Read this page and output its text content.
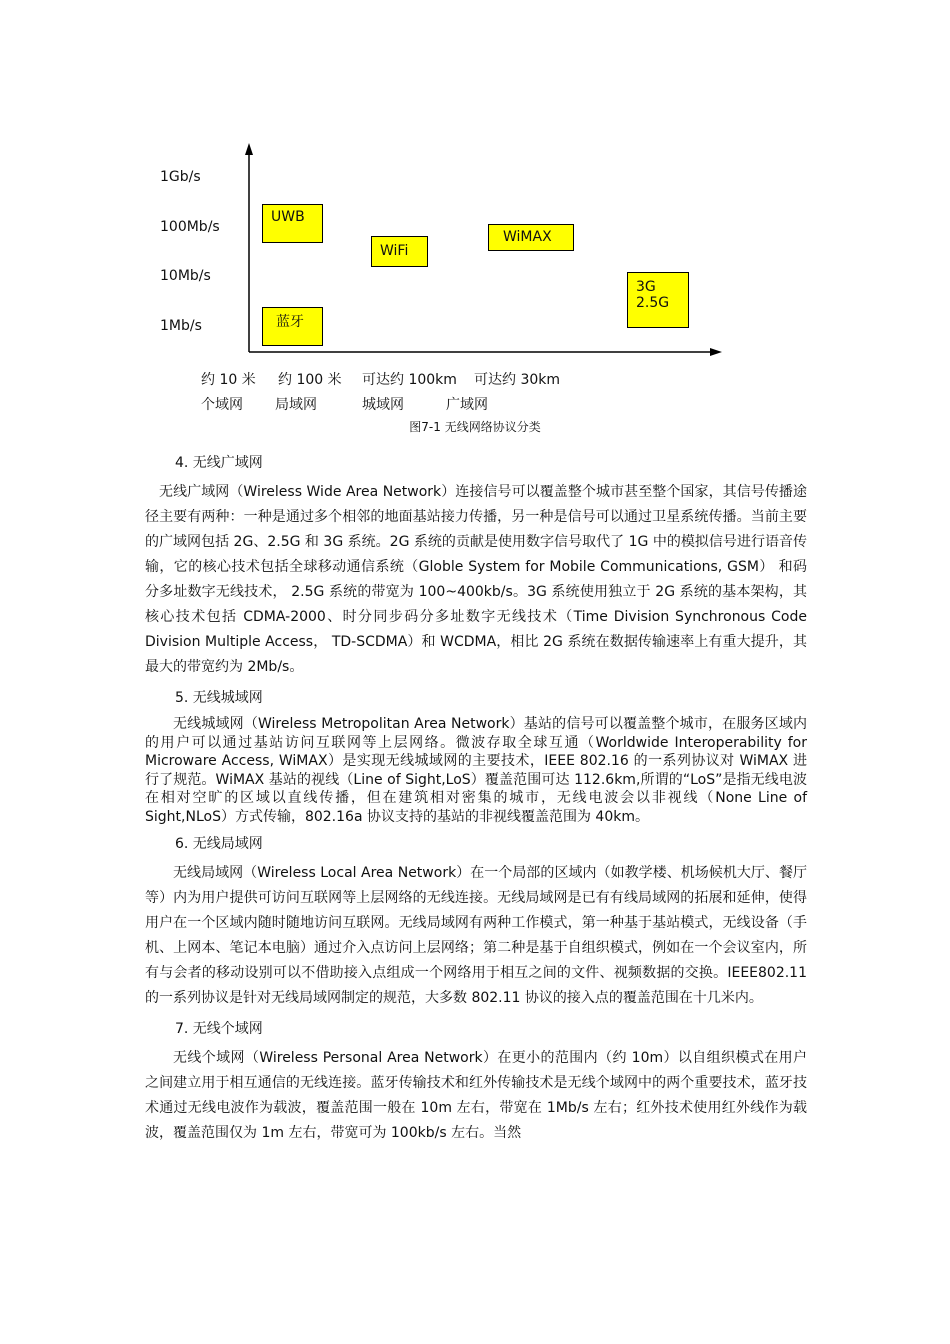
1Gb/s
100Mb/s
10Mb/s
1Mb/s
UWB
WiFi
WiMAX
3G
2.5G
蓝牙
约 10 米 约 100 米 可达约 100km 可达约 30km
个域网 局域网	城域网	广域网
图7-1 无线网络协议分类
4. 无线广域网

无线广域网（Wireless Wide Area Network）连接信号可以覆盖整个城市甚至整个国家，其信号传播途径主要有两种：一种是通过多个相邻的地面基站接力传播，另一种是信号可以通过卫星系统传播。当前主要的广域网包括 2G、2.5G 和 3G 系统。2G 系统的贡献是使用数字信号取代了 1G 中的模拟信号进行语音传输，它的核心技术包括全球移动通信系统（Globle System for Mobile Communications, GSM） 和码分多址数字无线技术， 2.5G 系统的带宽为 100~400kb/s。3G 系统使用独立于 2G 系统的基本架构，其核心技术包括 CDMA-2000、时分同步码分多址数字无线技术（Time Division Synchronous Code Division Multiple Access， TD-SCDMA）和 WCDMA，相比 2G 系统在数据传输速率上有重大提升，其最大的带宽约为 2Mb/s。

5. 无线城域网

无线城域网（Wireless Metropolitan Area Network）基站的信号可以覆盖整个城市，在服务区域内的用户可以通过基站访问互联网等上层网络。微波存取全球互通（Worldwide Interoperability for Microware Access, WiMAX）是实现无线城域网的主要技术，IEEE 802.16 的一系列协议对 WiMAX 进行了规范。WiMAX 基站的视线（Line of Sight,LoS）覆盖范围可达 112.6km,所谓的“LoS”是指无线电波在相对空旷的区域以直线传播，但在建筑相对密集的城市，无线电波会以非视线（None Line of Sight,NLoS）方式传输，802.16a 协议支持的基站的非视线覆盖范围为 40km。

6. 无线局域网

无线局域网（Wireless Local Area Network）在一个局部的区域内（如教学楼、机场候机大厅、餐厅等）内为用户提供可访问互联网等上层网络的无线连接。无线局域网是已有有线局域网的拓展和延伸，使得用户在一个区域内随时随地访问互联网。无线局域网有两种工作模式，第一种基于基站模式，无线设备（手机、上网本、笔记本电脑）通过介入点访问上层网络；第二种是基于自组织模式，例如在一个会议室内，所有与会者的移动设别可以不借助接入点组成一个网络用于相互之间的文件、视频数据的交换。IEEE802.11 的一系列协议是针对无线局域网制定的规范，大多数 802.11 协议的接入点的覆盖范围在十几米内。

7. 无线个域网

无线个域网（Wireless Personal Area Network）在更小的范围内（约 10m）以自组织模式在用户之间建立用于相互通信的无线连接。蓝牙传输技术和红外传输技术是无线个域网中的两个重要技术，蓝牙技术通过无线电波作为载波，覆盖范围一般在 10m 左右，带宽在 1Mb/s 左右；红外技术使用红外线作为载波，覆盖范围仅为 1m 左右，带宽可为 100kb/s 左右。当然
